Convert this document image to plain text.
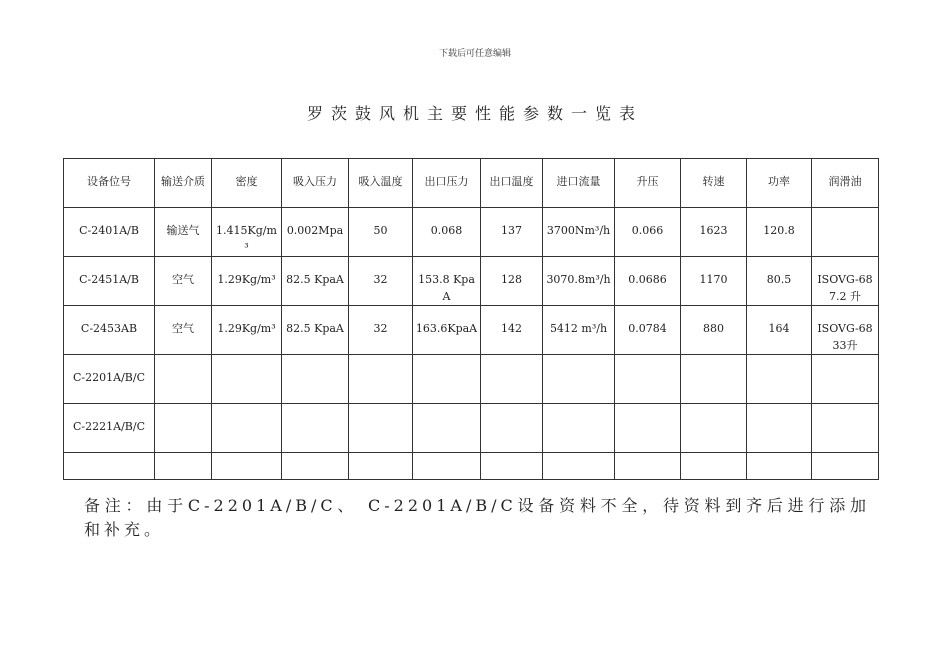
下载后可任意编辑
罗茨鼓风机主要性能参数一览表
设备位号	输送介质	密度	吸入压力	吸入温度	出口压力	出口温度	进口流量	升压	转速	功率	润滑油
C-2401A/B	输送气	1.415Kg/m³	0.002Mpa	50	0.068	137	3700Nm³/h	0.066	1623	120.8	
C-2451A/B	空气	1.29Kg/m³	82.5 KpaA	32	153.8 KpaA	128	3070.8m³/h	0.0686	1170	80.5	ISOVG-68 7.2 升
C-2453AB	空气	1.29Kg/m³	82.5 KpaA	32	163.6KpaA	142	5412 m³/h	0.0784	880	164	ISOVG-68 33升
C-2201A/B/C											
C-2221A/B/C											

备注：由于C-2201A/B/C、 C-2201A/B/C设备资料不全，待资料到齐后进行添加和补充。
